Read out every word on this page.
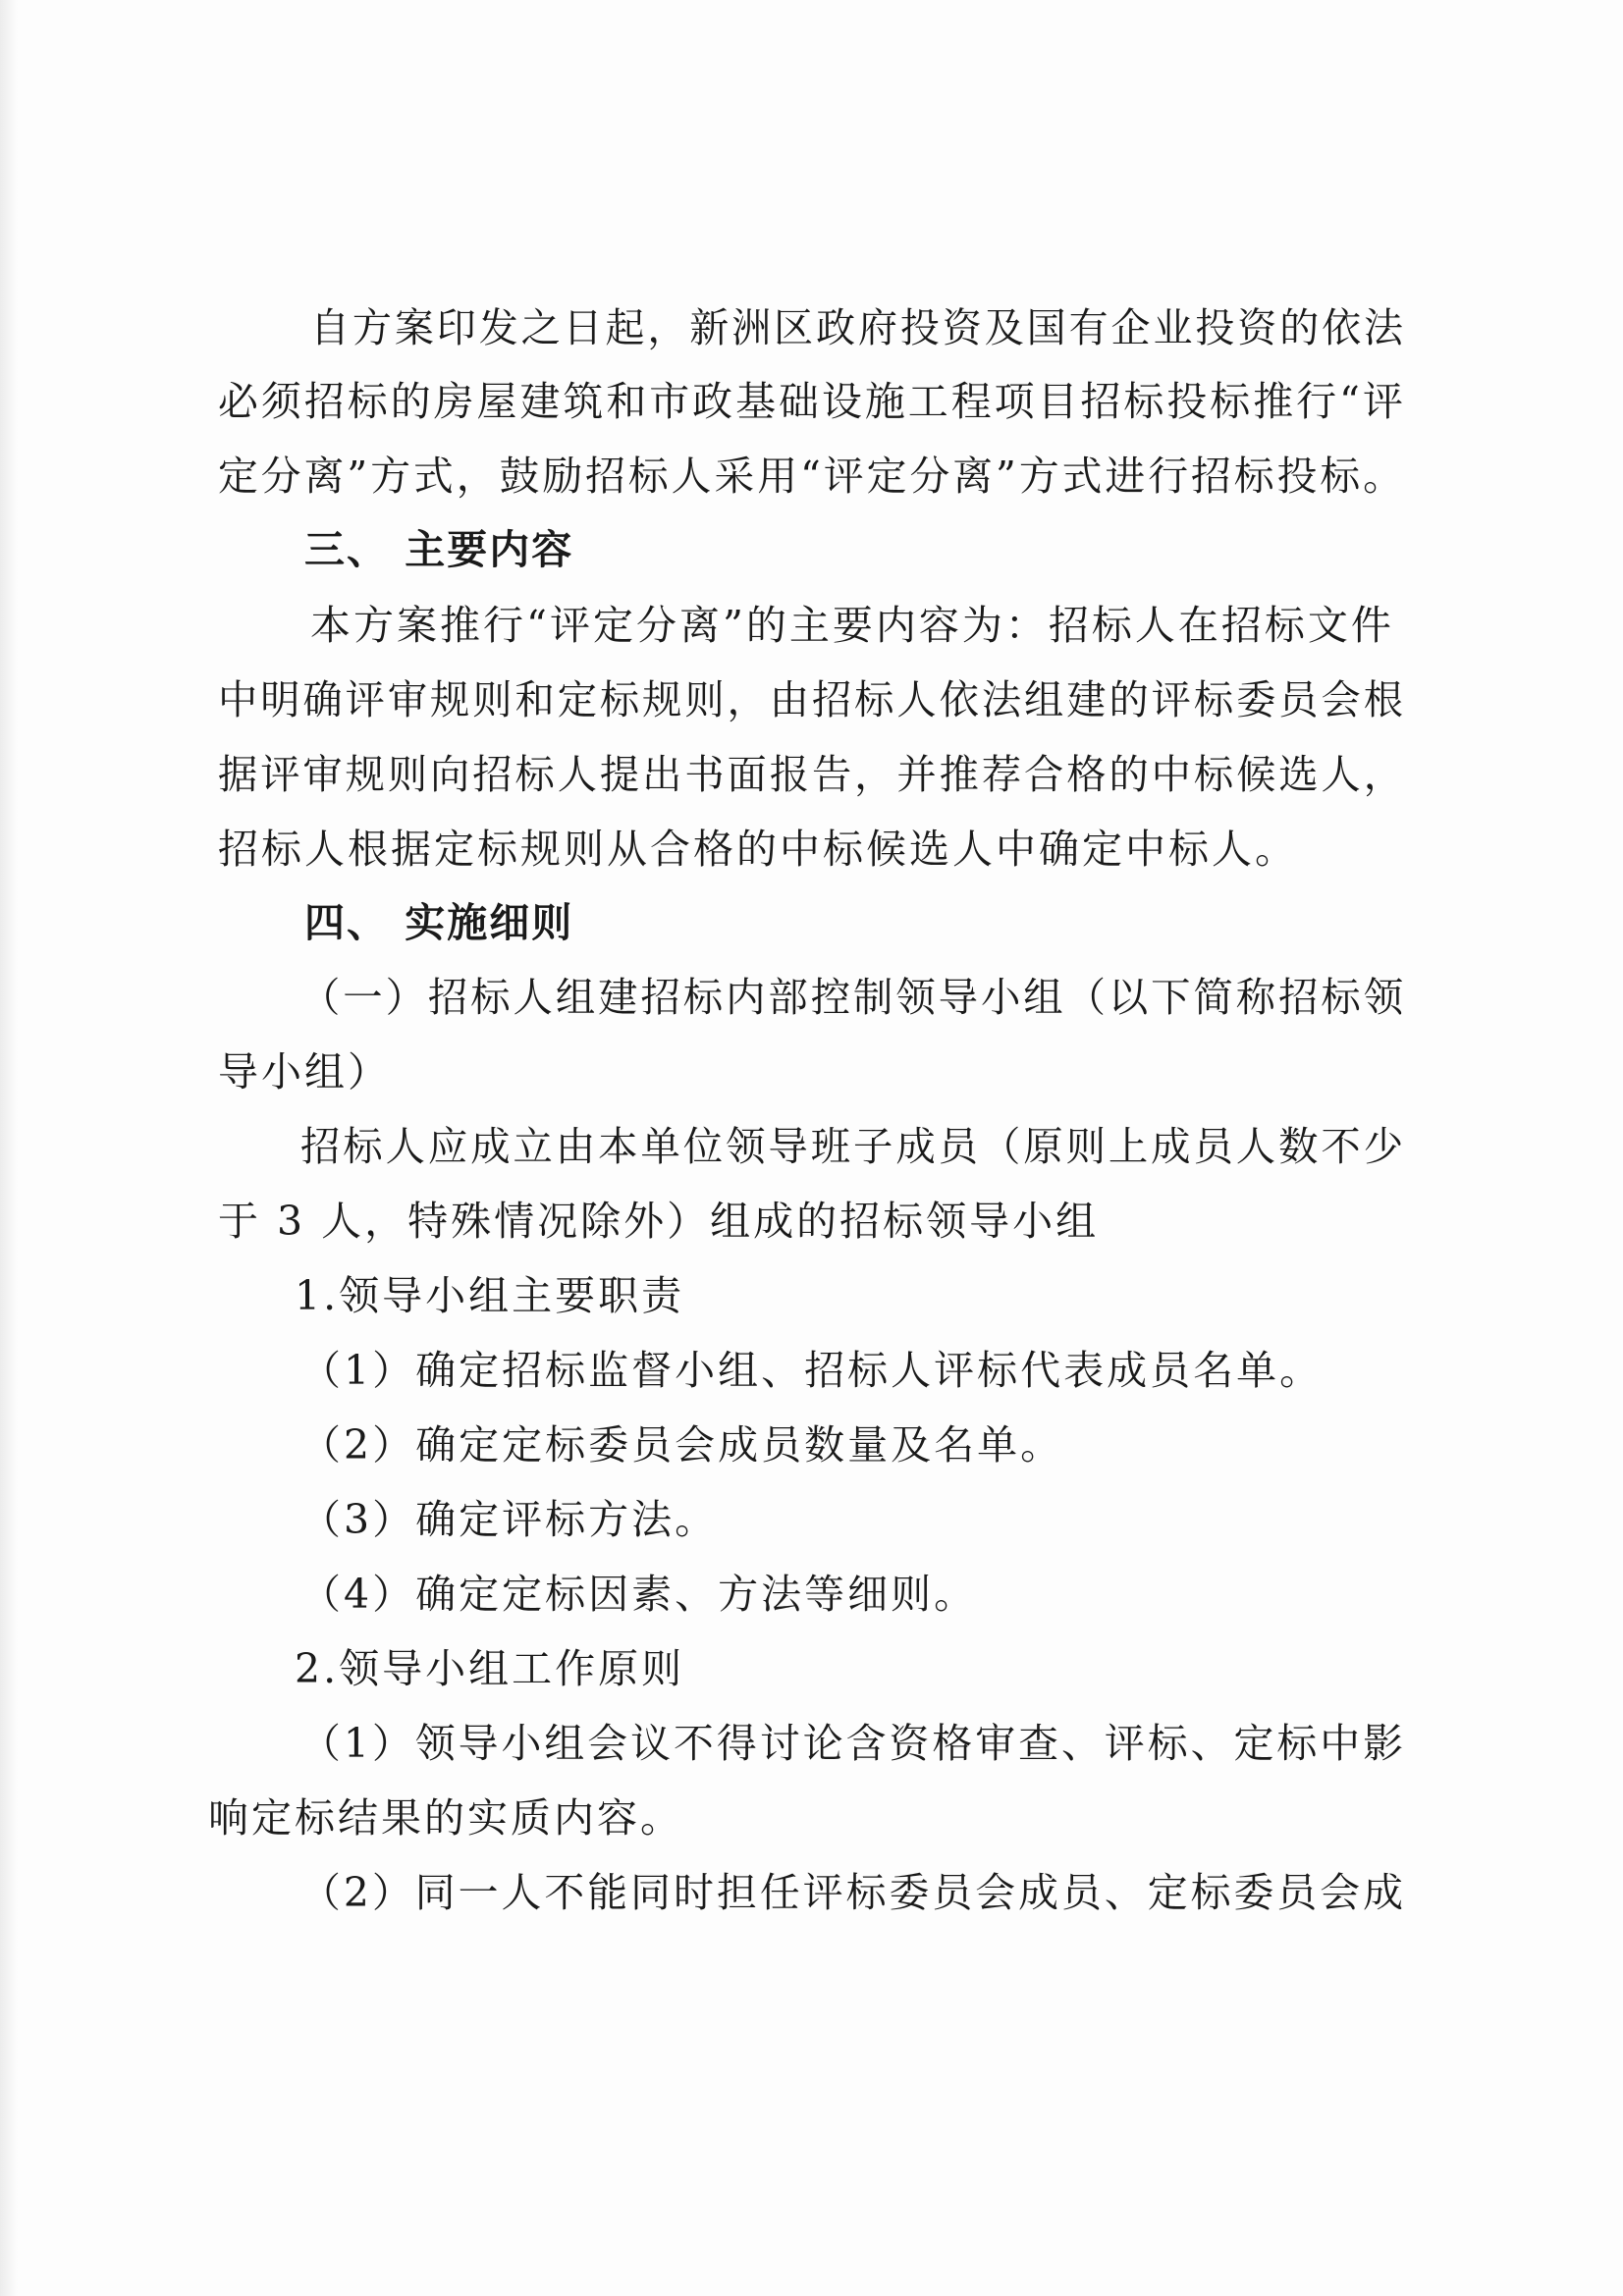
自方案印发之日起，新洲区政府投资及国有企业投资的依法
必须招标的房屋建筑和市政基础设施工程项目招标投标推行“评
定分离”方式，鼓励招标人采用“评定分离”方式进行招标投标。
三、 主要内容
本方案推行“评定分离”的主要内容为：招标人在招标文件
中明确评审规则和定标规则，由招标人依法组建的评标委员会根
据评审规则向招标人提出书面报告，并推荐合格的中标候选人，
招标人根据定标规则从合格的中标候选人中确定中标人。
四、 实施细则
（一）招标人组建招标内部控制领导小组（以下简称招标领
导小组）
招标人应成立由本单位领导班子成员（原则上成员人数不少
于 3 人，特殊情况除外）组成的招标领导小组
1.领导小组主要职责
（1）确定招标监督小组、招标人评标代表成员名单。
（2）确定定标委员会成员数量及名单。
（3）确定评标方法。
（4）确定定标因素、方法等细则。
2.领导小组工作原则
（1）领导小组会议不得讨论含资格审查、评标、定标中影
响定标结果的实质内容。
（2）同一人不能同时担任评标委员会成员、定标委员会成
